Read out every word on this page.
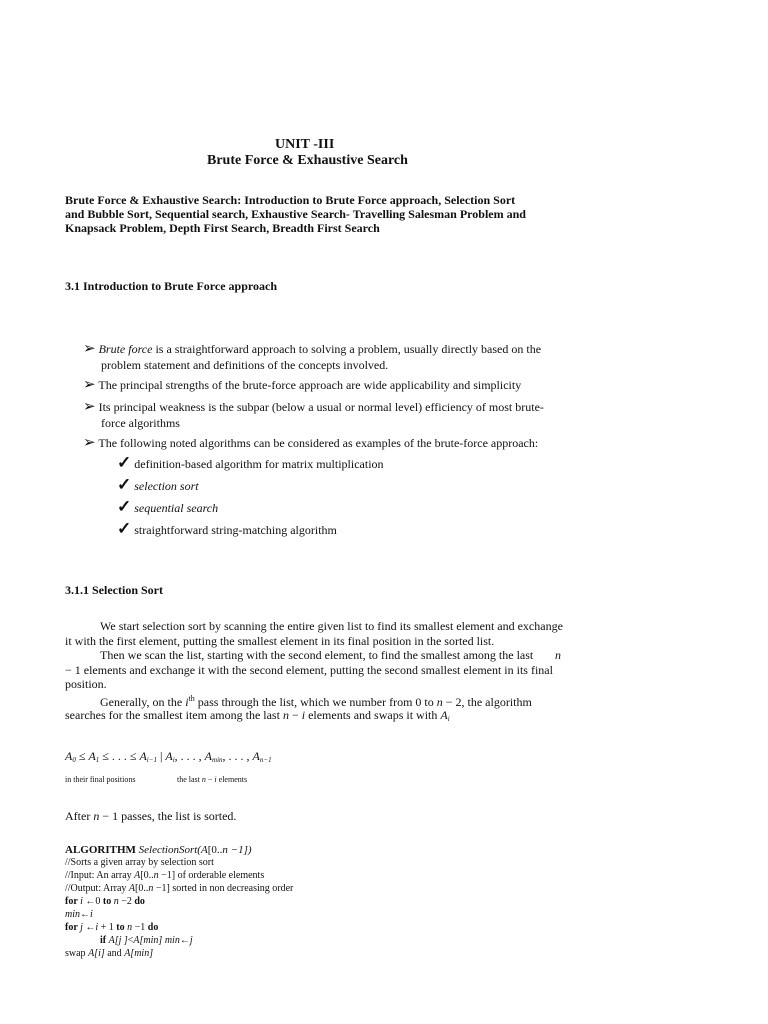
UNIT -III
Brute Force & Exhaustive Search
Brute Force & Exhaustive Search: Introduction to Brute Force approach, Selection Sort
and Bubble Sort, Sequential search, Exhaustive Search- Travelling Salesman Problem and
Knapsack Problem, Depth First Search, Breadth First Search
3.1 Introduction to Brute Force approach
➢ Brute force is a straightforward approach to solving a problem, usually directly based on the
problem statement and definitions of the concepts involved.
➢ The principal strengths of the brute-force approach are wide applicability and simplicity
➢ Its principal weakness is the subpar (below a usual or normal level) efficiency of most brute-
force algorithms
➢ The following noted algorithms can be considered as examples of the brute-force approach:
✓ definition-based algorithm for matrix multiplication
✓ selection sort
✓ sequential search
✓ straightforward string-matching algorithm
3.1.1 Selection Sort
We start selection sort by scanning the entire given list to find its smallest element and exchange
it with the first element, putting the smallest element in its final position in the sorted list.
Then we scan the list, starting with the second element, to find the smallest among the last n
− 1 elements and exchange it with the second element, putting the second smallest element in its final
position.
Generally, on the $i^{th}$ pass through the list, which we number from 0 to n − 2, the algorithm
searches for the smallest item among the last n − i elements and swaps it with $A_i$
$A_0 \le A_1$ ≤ . . . ≤ $A_{i-1}$ | $A_i$, . . . , $A_{min}$, . . . , $A_{n-1}$
in their final positions	the last n − i elements
After n − 1 passes, the list is sorted.
ALGORITHM SelectionSort(A[0..n −1])
//Sorts a given array by selection sort
//Input: An array A[0..n −1] of orderable elements
//Output: Array A[0..n −1] sorted in non decreasing order
for i ←0 to n −2 do
min←i
for j ←i + 1 to n −1 do
if A[j ]<A[min] min←j
swap A[i] and A[min]
